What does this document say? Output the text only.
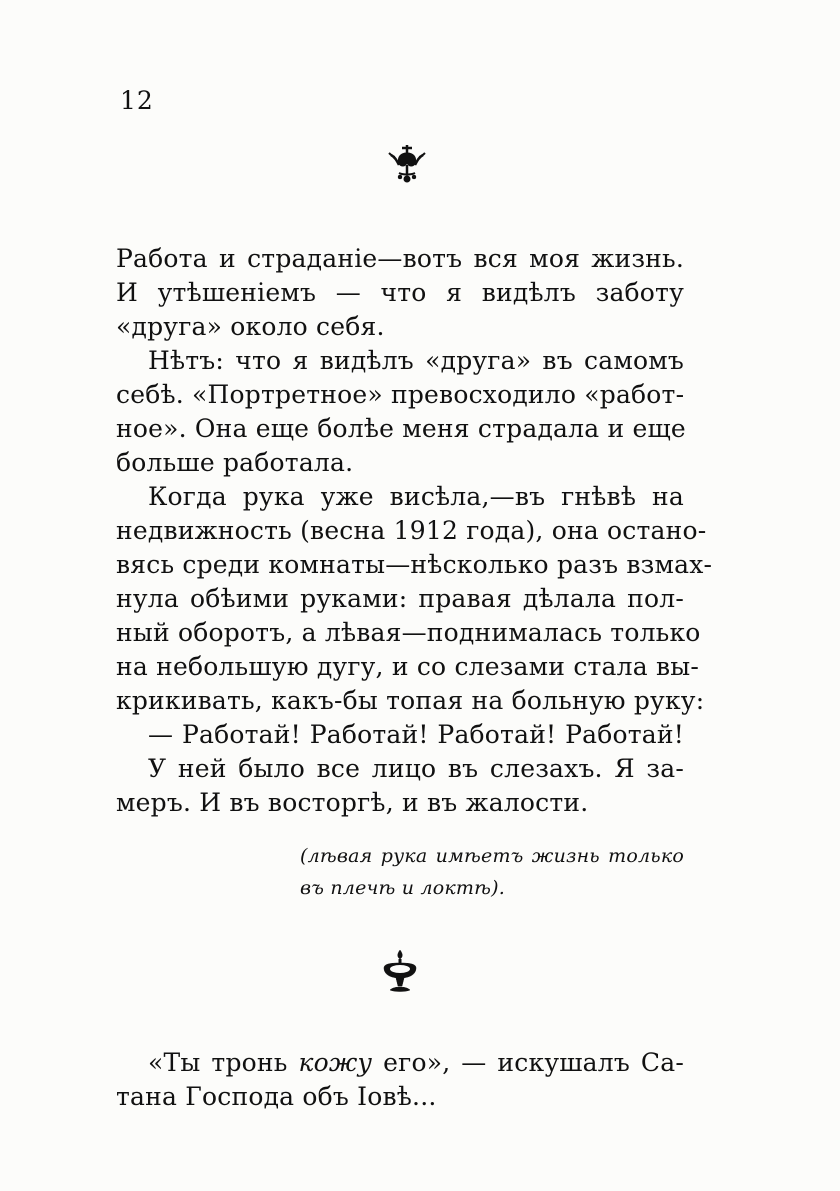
12
Работа и страданіе—вотъ вся моя жизнь.
И утѣшеніемъ — что я видѣлъ заботу
«друга» около себя.
Нѣтъ: что я видѣлъ «друга» въ самомъ
себѣ. «Портретное» превосходило «работ-
ное». Она еще болѣе меня страдала и еще
больше работала.
Когда рука уже висѣла,—въ гнѣвѣ на
недвижность (весна 1912 года), она остано-
вясь среди комнаты—нѣсколько разъ взмах-
нула обѣими руками: правая дѣлала пол-
ный оборотъ, а лѣвая—поднималась только
на небольшую дугу, и со слезами стала вы-
крикивать, какъ-бы топая на больную руку:
— Работай! Работай! Работай! Работай!
У ней было все лицо въ слезахъ. Я за-
меръ. И въ восторгѣ, и въ жалости.
(лѣвая рука имѣетъ жизнь только
въ плечѣ и локтѣ).
«Ты тронь кожу его», — искушалъ Са-
тана Господа объ Іовѣ...
